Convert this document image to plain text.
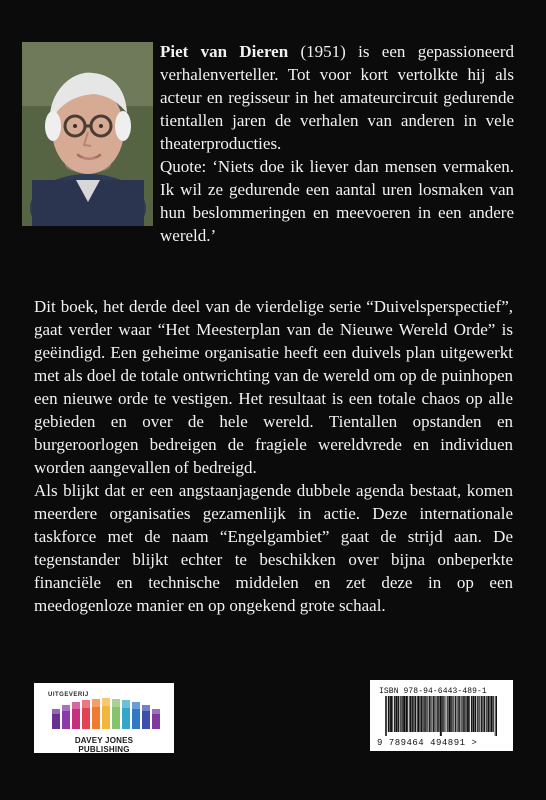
Piet van Dieren (1951) is een gepassioneerd verhalenverteller. Tot voor kort vertolkte hij als acteur en regisseur in het amateurcircuit gedurende tientallen jaren de verhalen van anderen in vele theaterproducties.

Quote: ‘Niets doe ik liever dan mensen vermaken. Ik wil ze gedurende een aantal uren losmaken van hun beslommeringen en meevoeren in een andere wereld.’

Dit boek, het derde deel van de vierdelige serie “Duivelsperspectief”, gaat verder waar “Het Meesterplan van de Nieuwe Wereld Orde” is geëindigd. Een geheime organisatie heeft een duivels plan uitgewerkt met als doel de totale ontwrichting van de wereld om op de puinhopen een nieuwe orde te vestigen. Het resultaat is een totale chaos op alle gebieden en over de hele wereld. Tientallen opstanden en burgeroorlogen bedreigen de fragiele wereldvrede en individuen worden aangevallen of bedreigd.

Als blijkt dat er een angstaanjagende dubbele agenda bestaat, komen meerdere organisaties gezamenlijk in actie. Deze internationale taskforce met de naam “Engelgambiet” gaat de strijd aan. De tegenstander blijkt echter te beschikken over bijna onbeperkte financiële en technische middelen en zet deze in op een meedogenloze manier en op ongekend grote schaal.

UITGEVERIJ
DAVEY JONES PUBLISHING
ISBN 978-94-6443-489-1
9 789464 494891 >
